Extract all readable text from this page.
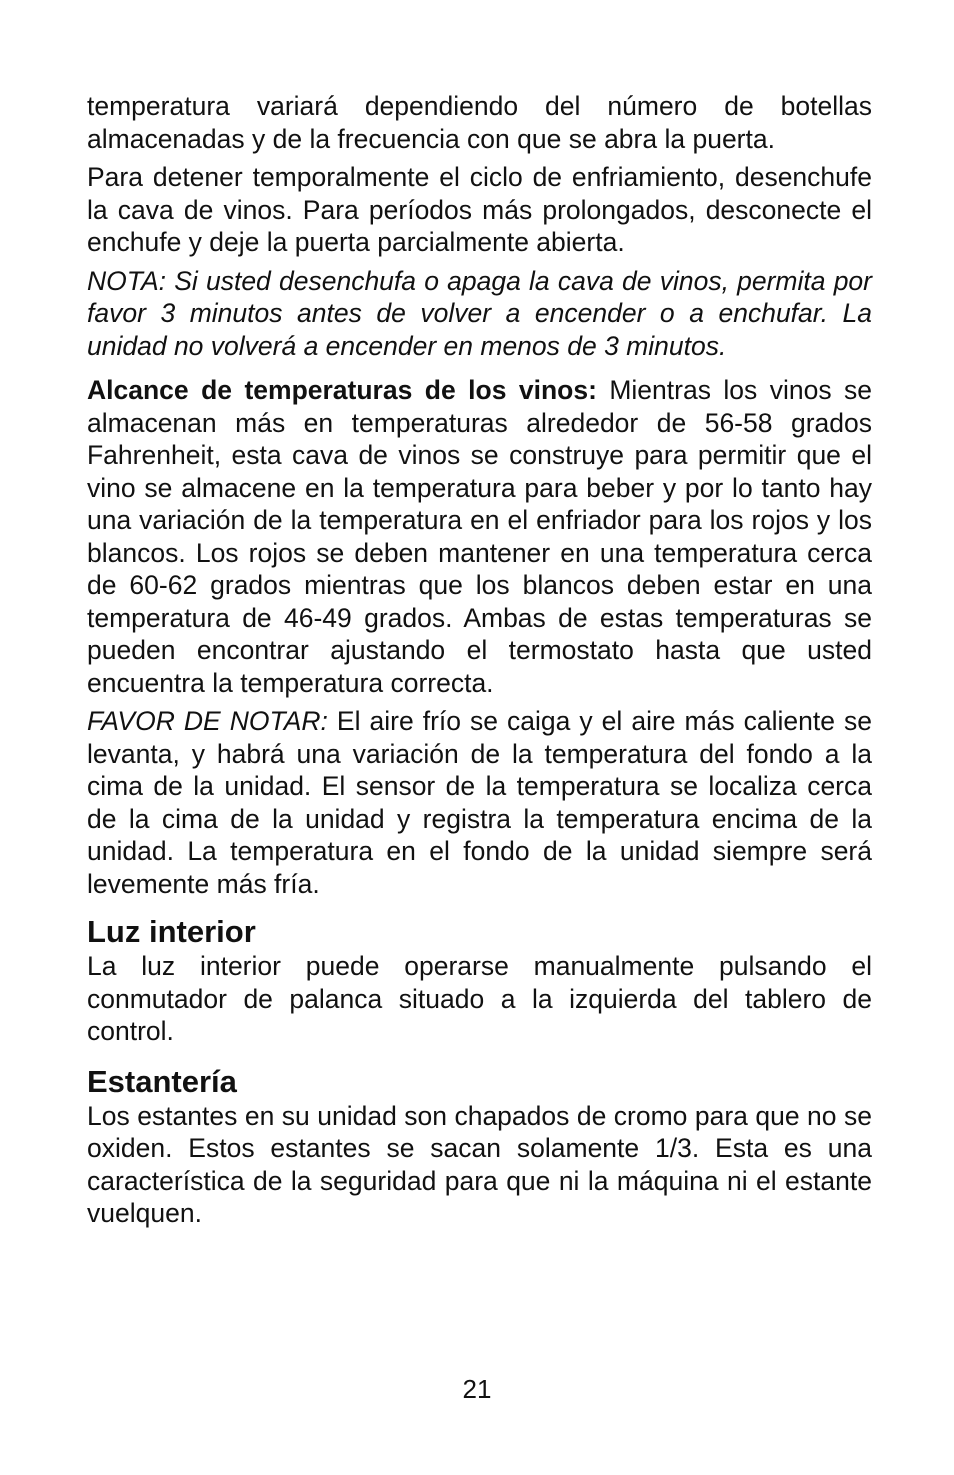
temperatura variará dependiendo del número de botellas almacenadas y de la frecuencia con que se abra la puerta.

Para detener temporalmente el ciclo de enfriamiento, desenchufe la cava de vinos. Para períodos más prolongados, desconecte el enchufe y deje la puerta parcialmente abierta.

NOTA: Si usted desenchufa o apaga la cava de vinos, permita por favor 3 minutos antes de volver a encender o a enchufar. La unidad no volverá a encender en menos de 3 minutos.

Alcance de temperaturas de los vinos: Mientras los vinos se almacenan más en temperaturas alrededor de 56-58 grados Fahrenheit, esta cava de vinos se construye para permitir que el vino se almacene en la temperatura para beber y por lo tanto hay una variación de la temperatura en el enfriador para los rojos y los blancos. Los rojos se deben mantener en una temperatura cerca de 60-62 grados mientras que los blancos deben estar en una temperatura de 46-49 grados. Ambas de estas temperaturas se pueden encontrar ajustando el termostato hasta que usted encuentra la temperatura correcta.

FAVOR DE NOTAR: El aire frío se caiga y el aire más caliente se levanta, y habrá una variación de la temperatura del fondo a la cima de la unidad. El sensor de la temperatura se localiza cerca de la cima de la unidad y registra la temperatura encima de la unidad. La temperatura en el fondo de la unidad siempre será levemente más fría.

Luz interior

La luz interior puede operarse manualmente pulsando el conmutador de palanca situado a la izquierda del tablero de control.

Estantería

Los estantes en su unidad son chapados de cromo para que no se oxiden. Estos estantes se sacan solamente 1/3. Esta es una característica de la seguridad para que ni la máquina ni el estante vuelquen.

21
